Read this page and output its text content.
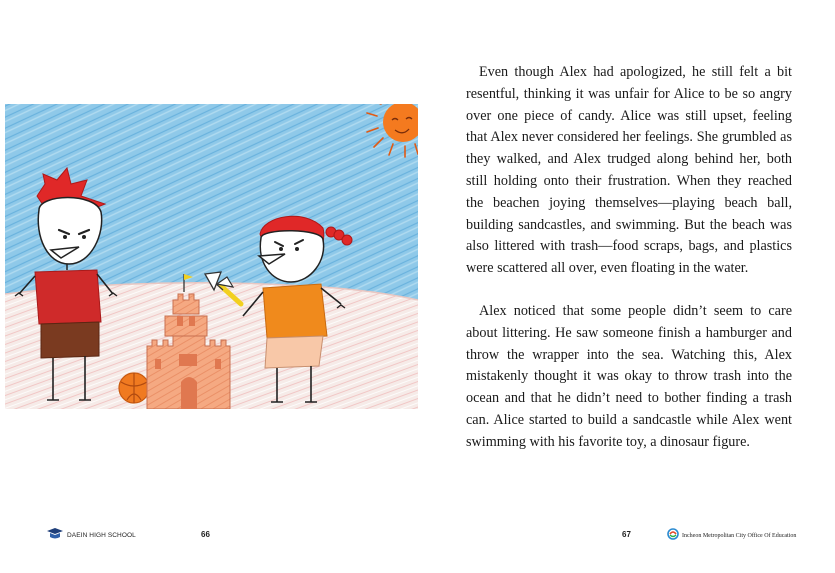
Even though Alex had apologized, he still felt a bit resentful, thinking it was unfair for Alice to be so angry over one piece of candy. Alice was still upset, feeling that Alex never considered her feelings. She grumbled as they walked, and Alex trudged along behind her, both still holding onto their frustration. When they reached the beachen joying themselves—playing beach ball, building sandcastles, and swimming. But the beach was also littered with trash—food scraps, bags, and plastics were scattered all over, even floating in the water.

Alex noticed that some people didn’t seem to care about littering. He saw someone finish a hamburger and throw the wrapper into the sea. Watching this, Alex mistakenly thought it was okay to throw trash into the ocean and that he didn’t need to bother finding a trash can. Alice started to build a sandcastle while Alex went swimming with his favorite toy, a dinosaur figure.

DAEIN HIGH SCHOOL	66	67	Incheon Metropolitan City Office Of Education
